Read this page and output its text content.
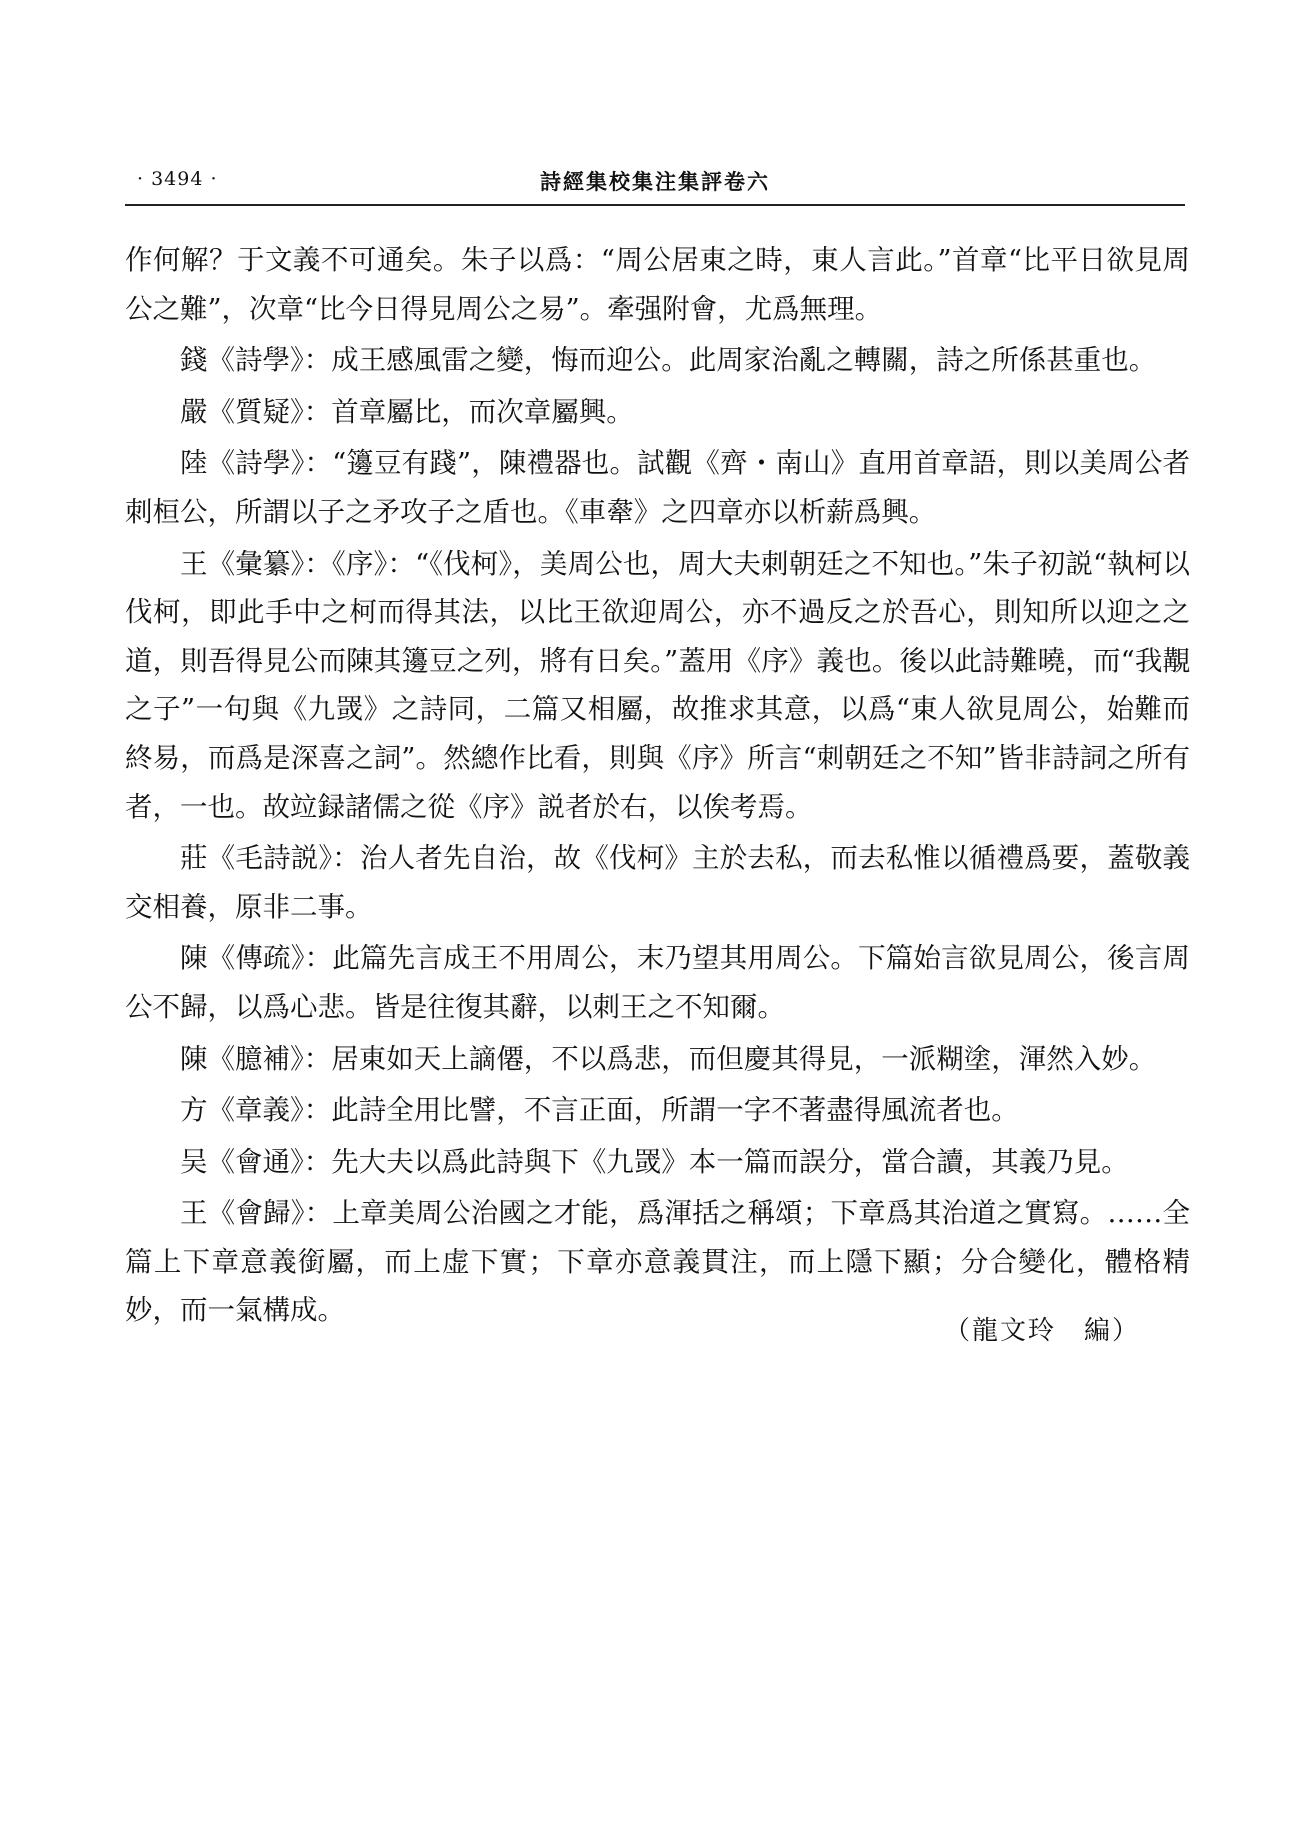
· 3494 ·	詩經集校集注集評卷六

作何解？于文義不可通矣。朱子以爲：“周公居東之時，東人言此。”首章“比平日欲見周公之難”，次章“比今日得見周公之易”。牽强附會，尤爲無理。

錢《詩學》：成王感風雷之變，悔而迎公。此周家治亂之轉關，詩之所係甚重也。

嚴《質疑》：首章屬比，而次章屬興。

陸《詩學》：“籩豆有踐”，陳禮器也。試觀《齊・南山》直用首章語，則以美周公者刺桓公，所謂以子之矛攻子之盾也。《車舝》之四章亦以析薪爲興。

王《彙纂》：《序》：“《伐柯》，美周公也，周大夫刺朝廷之不知也。”朱子初説“執柯以伐柯，即此手中之柯而得其法，以比王欲迎周公，亦不過反之於吾心，則知所以迎之之道，則吾得見公而陳其籩豆之列，將有日矣。”蓋用《序》義也。後以此詩難曉，而“我覯之子”一句與《九罭》之詩同，二篇又相屬，故推求其意，以爲“東人欲見周公，始難而終易，而爲是深喜之詞”。然總作比看，則與《序》所言“刺朝廷之不知”皆非詩詞之所有者，一也。故竝録諸儒之從《序》説者於右，以俟考焉。

莊《毛詩説》：治人者先自治，故《伐柯》主於去私，而去私惟以循禮爲要，蓋敬義交相養，原非二事。

陳《傳疏》：此篇先言成王不用周公，末乃望其用周公。下篇始言欲見周公，後言周公不歸，以爲心悲。皆是往復其辭，以刺王之不知爾。

陳《臆補》：居東如天上謫僊，不以爲悲，而但慶其得見，一派糊塗，渾然入妙。

方《章義》：此詩全用比譬，不言正面，所謂一字不著盡得風流者也。

吴《會通》：先大夫以爲此詩與下《九罭》本一篇而誤分，當合讀，其義乃見。

王《會歸》：上章美周公治國之才能，爲渾括之稱頌；下章爲其治道之實寫。……全篇上下章意義銜屬，而上虚下實；下章亦意義貫注，而上隱下顯；分合變化，體格精妙，而一氣構成。

（龍文玲　編）
